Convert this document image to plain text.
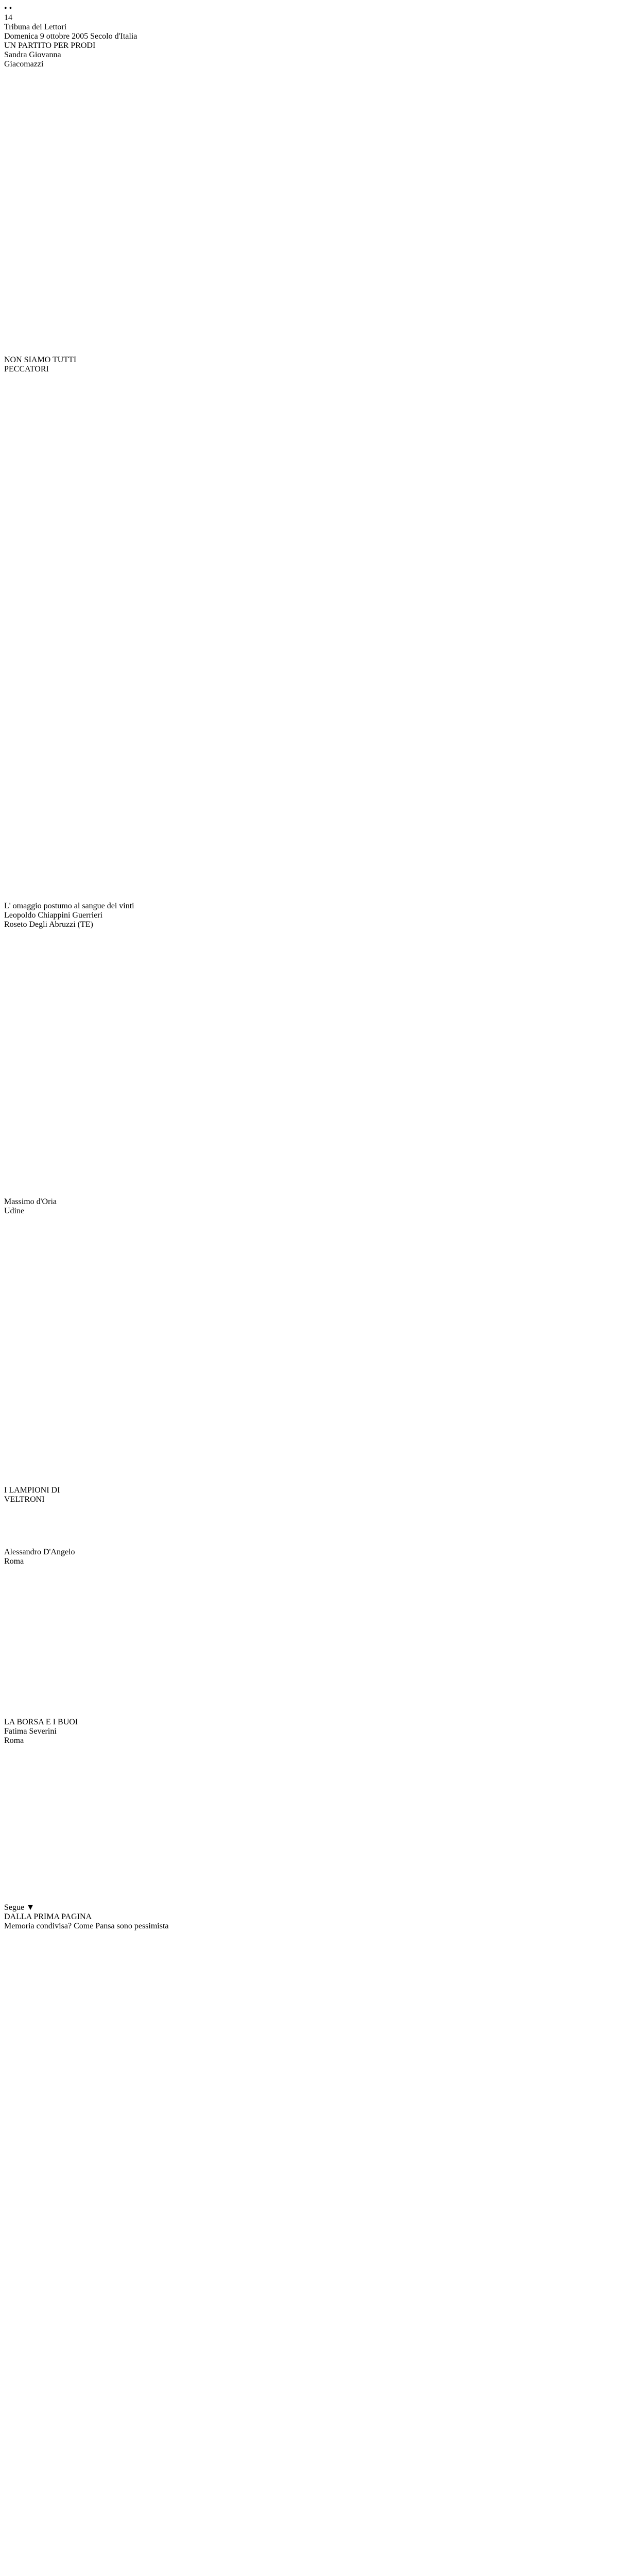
• •
14
Tribuna dei Lettori
Domenica 9 ottobre 2005 Secolo d'Italia
UN PARTITO PER PRODI
Sandra Giovanna Giacomazzi
NON SIAMO TUTTI PECCATORI
L' omaggio postumo al sangue dei vinti
Leopoldo Chiappini Guerrieri
Roseto Degli Abruzzi (TE)
Massimo d'Oria
Udine
I LAMPIONI DI VELTRONI
Alessandro D'Angelo
Roma
LA BORSA E I BUOI
Fatima Severini
Roma
Segue ▼
DALLA PRIMA PAGINA
Memoria condivisa? Come Pansa sono pessimista
